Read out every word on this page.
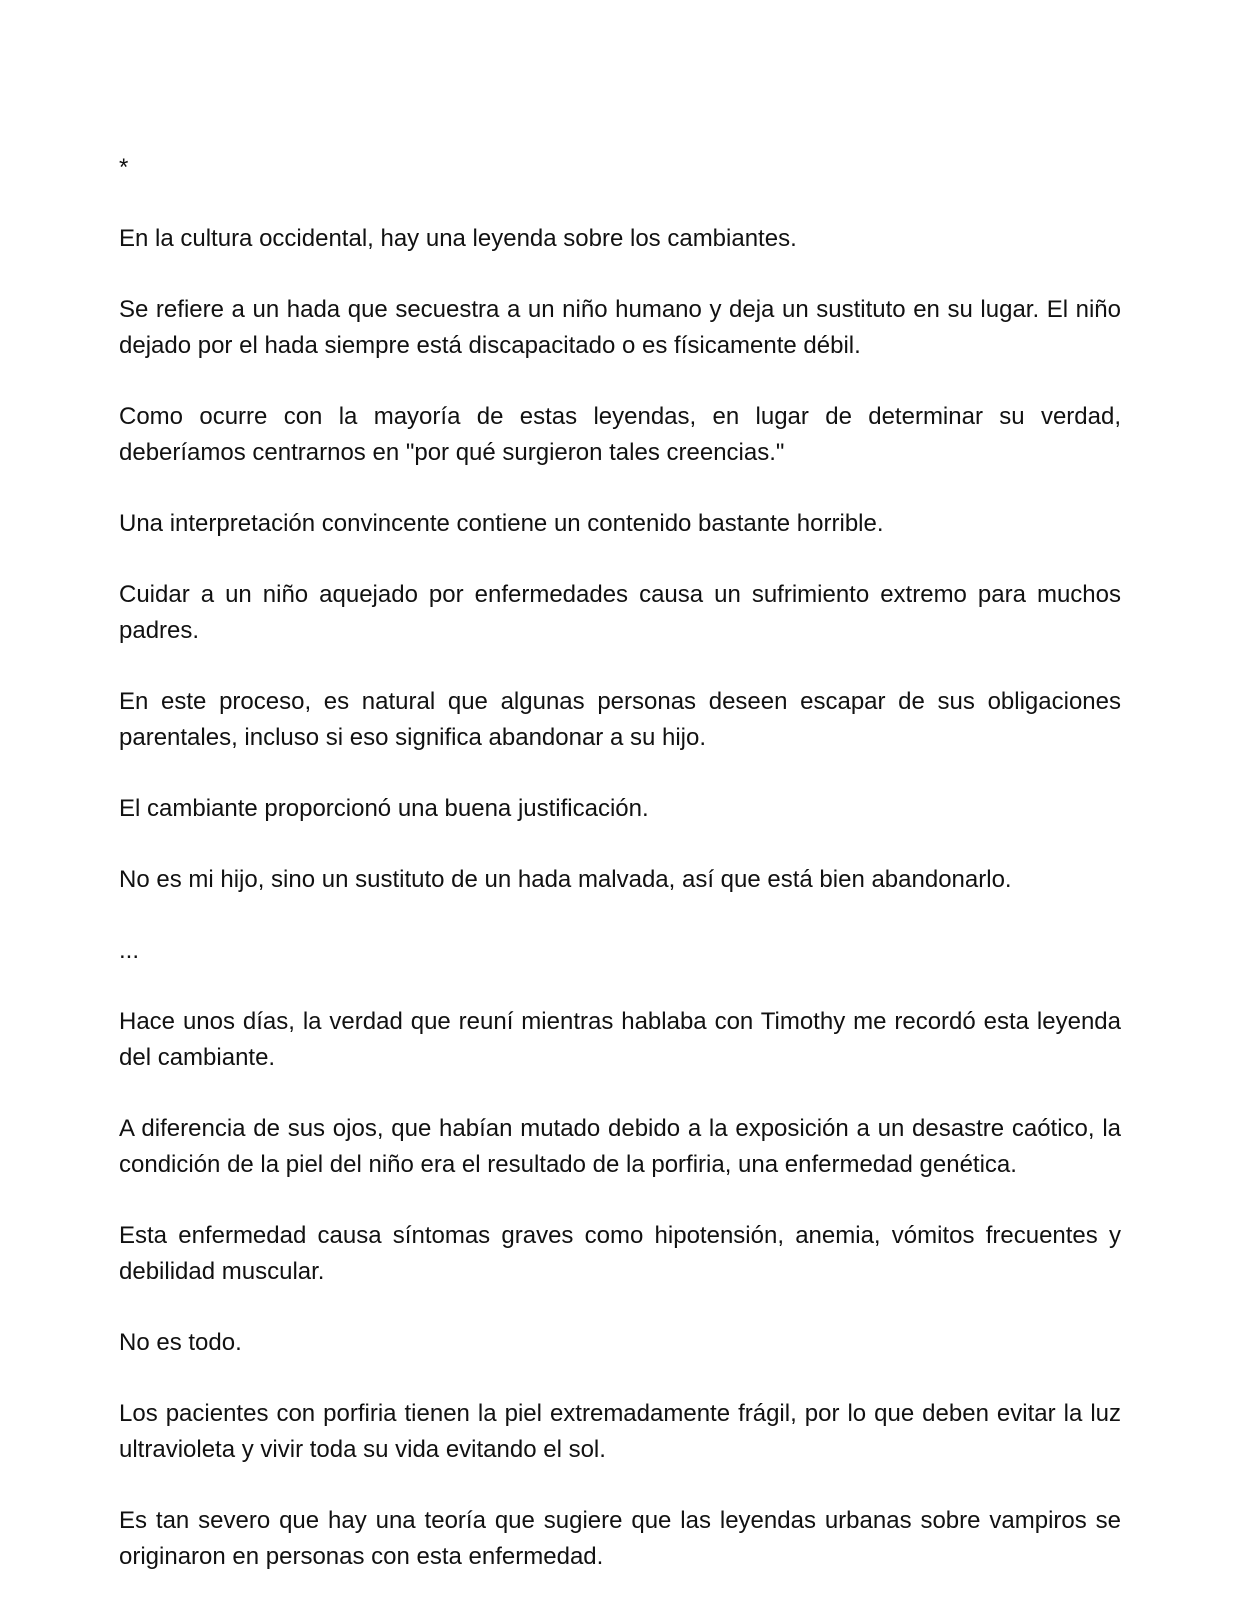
*

En la cultura occidental, hay una leyenda sobre los cambiantes.

Se refiere a un hada que secuestra a un niño humano y deja un sustituto en su lugar. El niño dejado por el hada siempre está discapacitado o es físicamente débil.

Como ocurre con la mayoría de estas leyendas, en lugar de determinar su verdad, deberíamos centrarnos en "por qué surgieron tales creencias."

Una interpretación convincente contiene un contenido bastante horrible.

Cuidar a un niño aquejado por enfermedades causa un sufrimiento extremo para muchos padres.

En este proceso, es natural que algunas personas deseen escapar de sus obligaciones parentales, incluso si eso significa abandonar a su hijo.

El cambiante proporcionó una buena justificación.

No es mi hijo, sino un sustituto de un hada malvada, así que está bien abandonarlo.

...

Hace unos días, la verdad que reuní mientras hablaba con Timothy me recordó esta leyenda del cambiante.

A diferencia de sus ojos, que habían mutado debido a la exposición a un desastre caótico, la condición de la piel del niño era el resultado de la porfiria, una enfermedad genética.

Esta enfermedad causa síntomas graves como hipotensión, anemia, vómitos frecuentes y debilidad muscular.

No es todo.

Los pacientes con porfiria tienen la piel extremadamente frágil, por lo que deben evitar la luz ultravioleta y vivir toda su vida evitando el sol.

Es tan severo que hay una teoría que sugiere que las leyendas urbanas sobre vampiros se originaron en personas con esta enfermedad.
